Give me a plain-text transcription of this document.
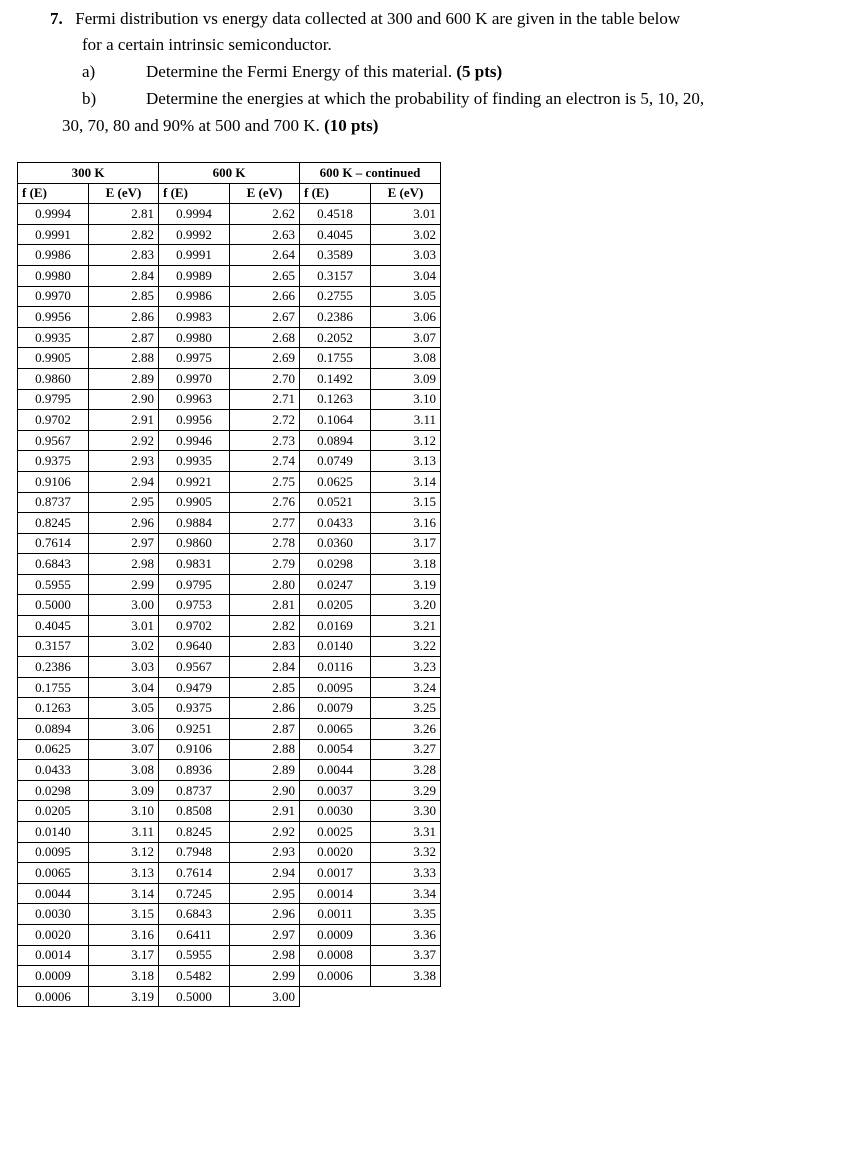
7. Fermi distribution vs energy data collected at 300 and 600 K are given in the table below
for a certain intrinsic semiconductor.
a)	Determine the Fermi Energy of this material. (5 pts)
b)	Determine the energies at which the probability of finding an electron is 5, 10, 20,
30, 70, 80 and 90% at 500 and 700 K. (10 pts)
300 K		600 K		600 K – continued	
f (E)	E (eV)	f (E)	E (eV)	f (E)	E (eV)
0.9994	2.81	0.9994	2.62	0.4518	3.01
0.9991	2.82	0.9992	2.63	0.4045	3.02
0.9986	2.83	0.9991	2.64	0.3589	3.03
0.9980	2.84	0.9989	2.65	0.3157	3.04
0.9970	2.85	0.9986	2.66	0.2755	3.05
0.9956	2.86	0.9983	2.67	0.2386	3.06
0.9935	2.87	0.9980	2.68	0.2052	3.07
0.9905	2.88	0.9975	2.69	0.1755	3.08
0.9860	2.89	0.9970	2.70	0.1492	3.09
0.9795	2.90	0.9963	2.71	0.1263	3.10
0.9702	2.91	0.9956	2.72	0.1064	3.11
0.9567	2.92	0.9946	2.73	0.0894	3.12
0.9375	2.93	0.9935	2.74	0.0749	3.13
0.9106	2.94	0.9921	2.75	0.0625	3.14
0.8737	2.95	0.9905	2.76	0.0521	3.15
0.8245	2.96	0.9884	2.77	0.0433	3.16
0.7614	2.97	0.9860	2.78	0.0360	3.17
0.6843	2.98	0.9831	2.79	0.0298	3.18
0.5955	2.99	0.9795	2.80	0.0247	3.19
0.5000	3.00	0.9753	2.81	0.0205	3.20
0.4045	3.01	0.9702	2.82	0.0169	3.21
0.3157	3.02	0.9640	2.83	0.0140	3.22
0.2386	3.03	0.9567	2.84	0.0116	3.23
0.1755	3.04	0.9479	2.85	0.0095	3.24
0.1263	3.05	0.9375	2.86	0.0079	3.25
0.0894	3.06	0.9251	2.87	0.0065	3.26
0.0625	3.07	0.9106	2.88	0.0054	3.27
0.0433	3.08	0.8936	2.89	0.0044	3.28
0.0298	3.09	0.8737	2.90	0.0037	3.29
0.0205	3.10	0.8508	2.91	0.0030	3.30
0.0140	3.11	0.8245	2.92	0.0025	3.31
0.0095	3.12	0.7948	2.93	0.0020	3.32
0.0065	3.13	0.7614	2.94	0.0017	3.33
0.0044	3.14	0.7245	2.95	0.0014	3.34
0.0030	3.15	0.6843	2.96	0.0011	3.35
0.0020	3.16	0.6411	2.97	0.0009	3.36
0.0014	3.17	0.5955	2.98	0.0008	3.37
0.0009	3.18	0.5482	2.99	0.0006	3.38
0.0006	3.19	0.5000	3.00		
